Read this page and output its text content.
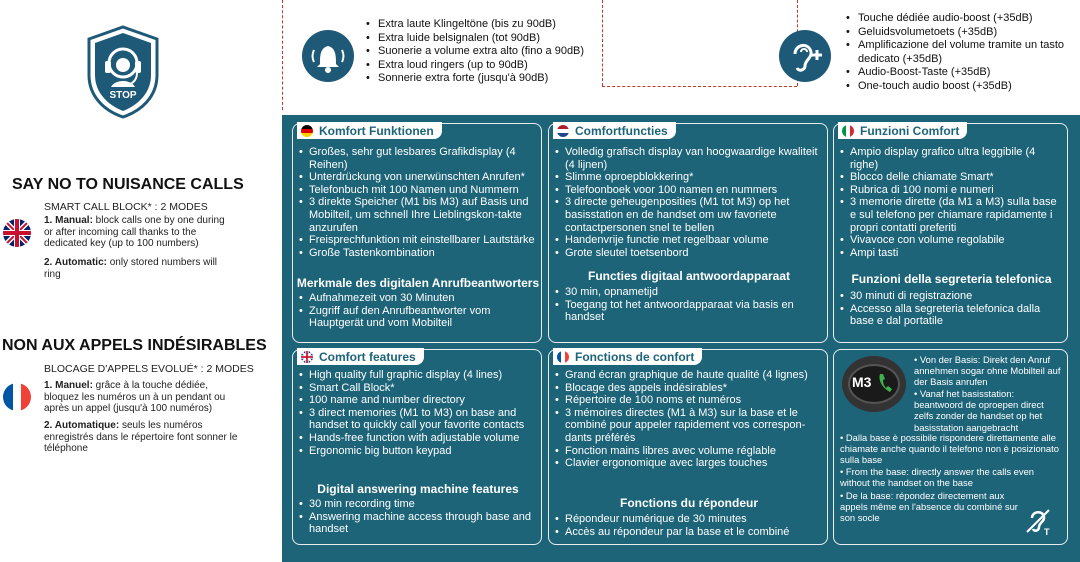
STOP
SAY NO TO NUISANCE CALLS
SMART CALL BLOCK* : 2 MODES
1. Manual: block calls one by one during or after incoming call thanks to the dedicated key (up to 100 numbers)
2. Automatic: only stored numbers will ring
NON AUX APPELS INDÉSIRABLES
BLOCAGE D'APPELS EVOLUÉ* : 2 MODES
1. Manuel: grâce à la touche dédiée, bloquez les numéros un à un pendant ou après un appel (jusqu'à 100 numéros)
2. Automatique: seuls les numéros enregistrés dans le répertoire font sonner le téléphone
• Extra laute Klingeltöne (bis zu 90dB)
• Extra luide belsignalen (tot 90dB)
• Suonerie a volume extra alto (fino a 90dB)
• Extra loud ringers (up to 90dB)
• Sonnerie extra forte (jusqu'à 90dB)
• Touche dédiée audio-boost (+35dB)
• Geluidsvolumetoets (+35dB)
• Amplificazione del volume tramite un tasto dedicato (+35dB)
• Audio-Boost-Taste (+35dB)
• One-touch audio boost (+35dB)
Komfort Funktionen
• Großes, sehr gut lesbares Grafikdisplay (4 Reihen)
• Unterdrückung von unerwünschten Anrufen*
• Telefonbuch mit 100 Namen und Nummern
• 3 direkte Speicher (M1 bis M3) auf Basis und Mobilteil, um schnell Ihre Lieblingskon-takte anzurufen
• Freisprechfunktion mit einstellbarer Lautstärke
• Große Tastenkombination
Merkmale des digitalen Anrufbeantworters
• Aufnahmezeit von 30 Minuten
• Zugriff auf den Anrufbeantworter vom Hauptgerät und vom Mobilteil
Comfortfuncties
• Volledig grafisch display van hoogwaardige kwaliteit (4 lijnen)
• Slimme oproepblokkering*
• Telefoonboek voor 100 namen en nummers
• 3 directe geheugenposities (M1 tot M3) op het basisstation en de handset om uw favoriete contactpersonen snel te bellen
• Handenvrije functie met regelbaar volume
• Grote sleutel toetsenbord
Functies digitaal antwoordapparaat
• 30 min, opnametijd
• Toegang tot het antwoordapparaat via basis en handset
Funzioni Comfort
• Ampio display grafico ultra leggibile (4 righe)
• Blocco delle chiamate Smart*
• Rubrica di 100 nomi e numeri
• 3 memorie dirette (da M1 a M3) sulla base e sul telefono per chiamare rapidamente i propri contatti preferiti
• Vivavoce con volume regolabile
• Ampi tasti
Funzioni della segreteria telefonica
• 30 minuti di registrazione
• Accesso alla segreteria telefonica dalla base e dal portatile
Comfort features
• High quality full graphic display (4 lines)
• Smart Call Block*
• 100 name and number directory
• 3 direct memories (M1 to M3) on base and handset to quickly call your favorite contacts
• Hands-free function with adjustable volume
• Ergonomic big button keypad
Digital answering machine features
• 30 min recording time
• Answering machine access through base and handset
Fonctions de confort
• Grand écran graphique de haute qualité (4 lignes)
• Blocage des appels indésirables*
• Répertoire de 100 noms et numéros
• 3 mémoires directes (M1 à M3) sur la base et le combiné pour appeler rapidement vos correspon-dants préférés
• Fonction mains libres avec volume réglable
• Clavier ergonomique avec larges touches
Fonctions du répondeur
• Répondeur numérique de 30 minutes
• Accès au répondeur par la base et le combiné
M3
• Von der Basis: Direkt den Anruf annehmen sogar ohne Mobilteil auf der Basis anrufen
• Vanaf het basisstation: beantwoord de oproepen direct zelfs zonder de handset op het basisstation aangebracht
• Dalla base è possibile rispondere direttamente alle chiamate anche quando il telefono non è posizionato sulla base
• From the base: directly answer the calls even without the handset on the base
• De la base: répondez directement aux appels même en l'absence du combiné sur son socle
T
